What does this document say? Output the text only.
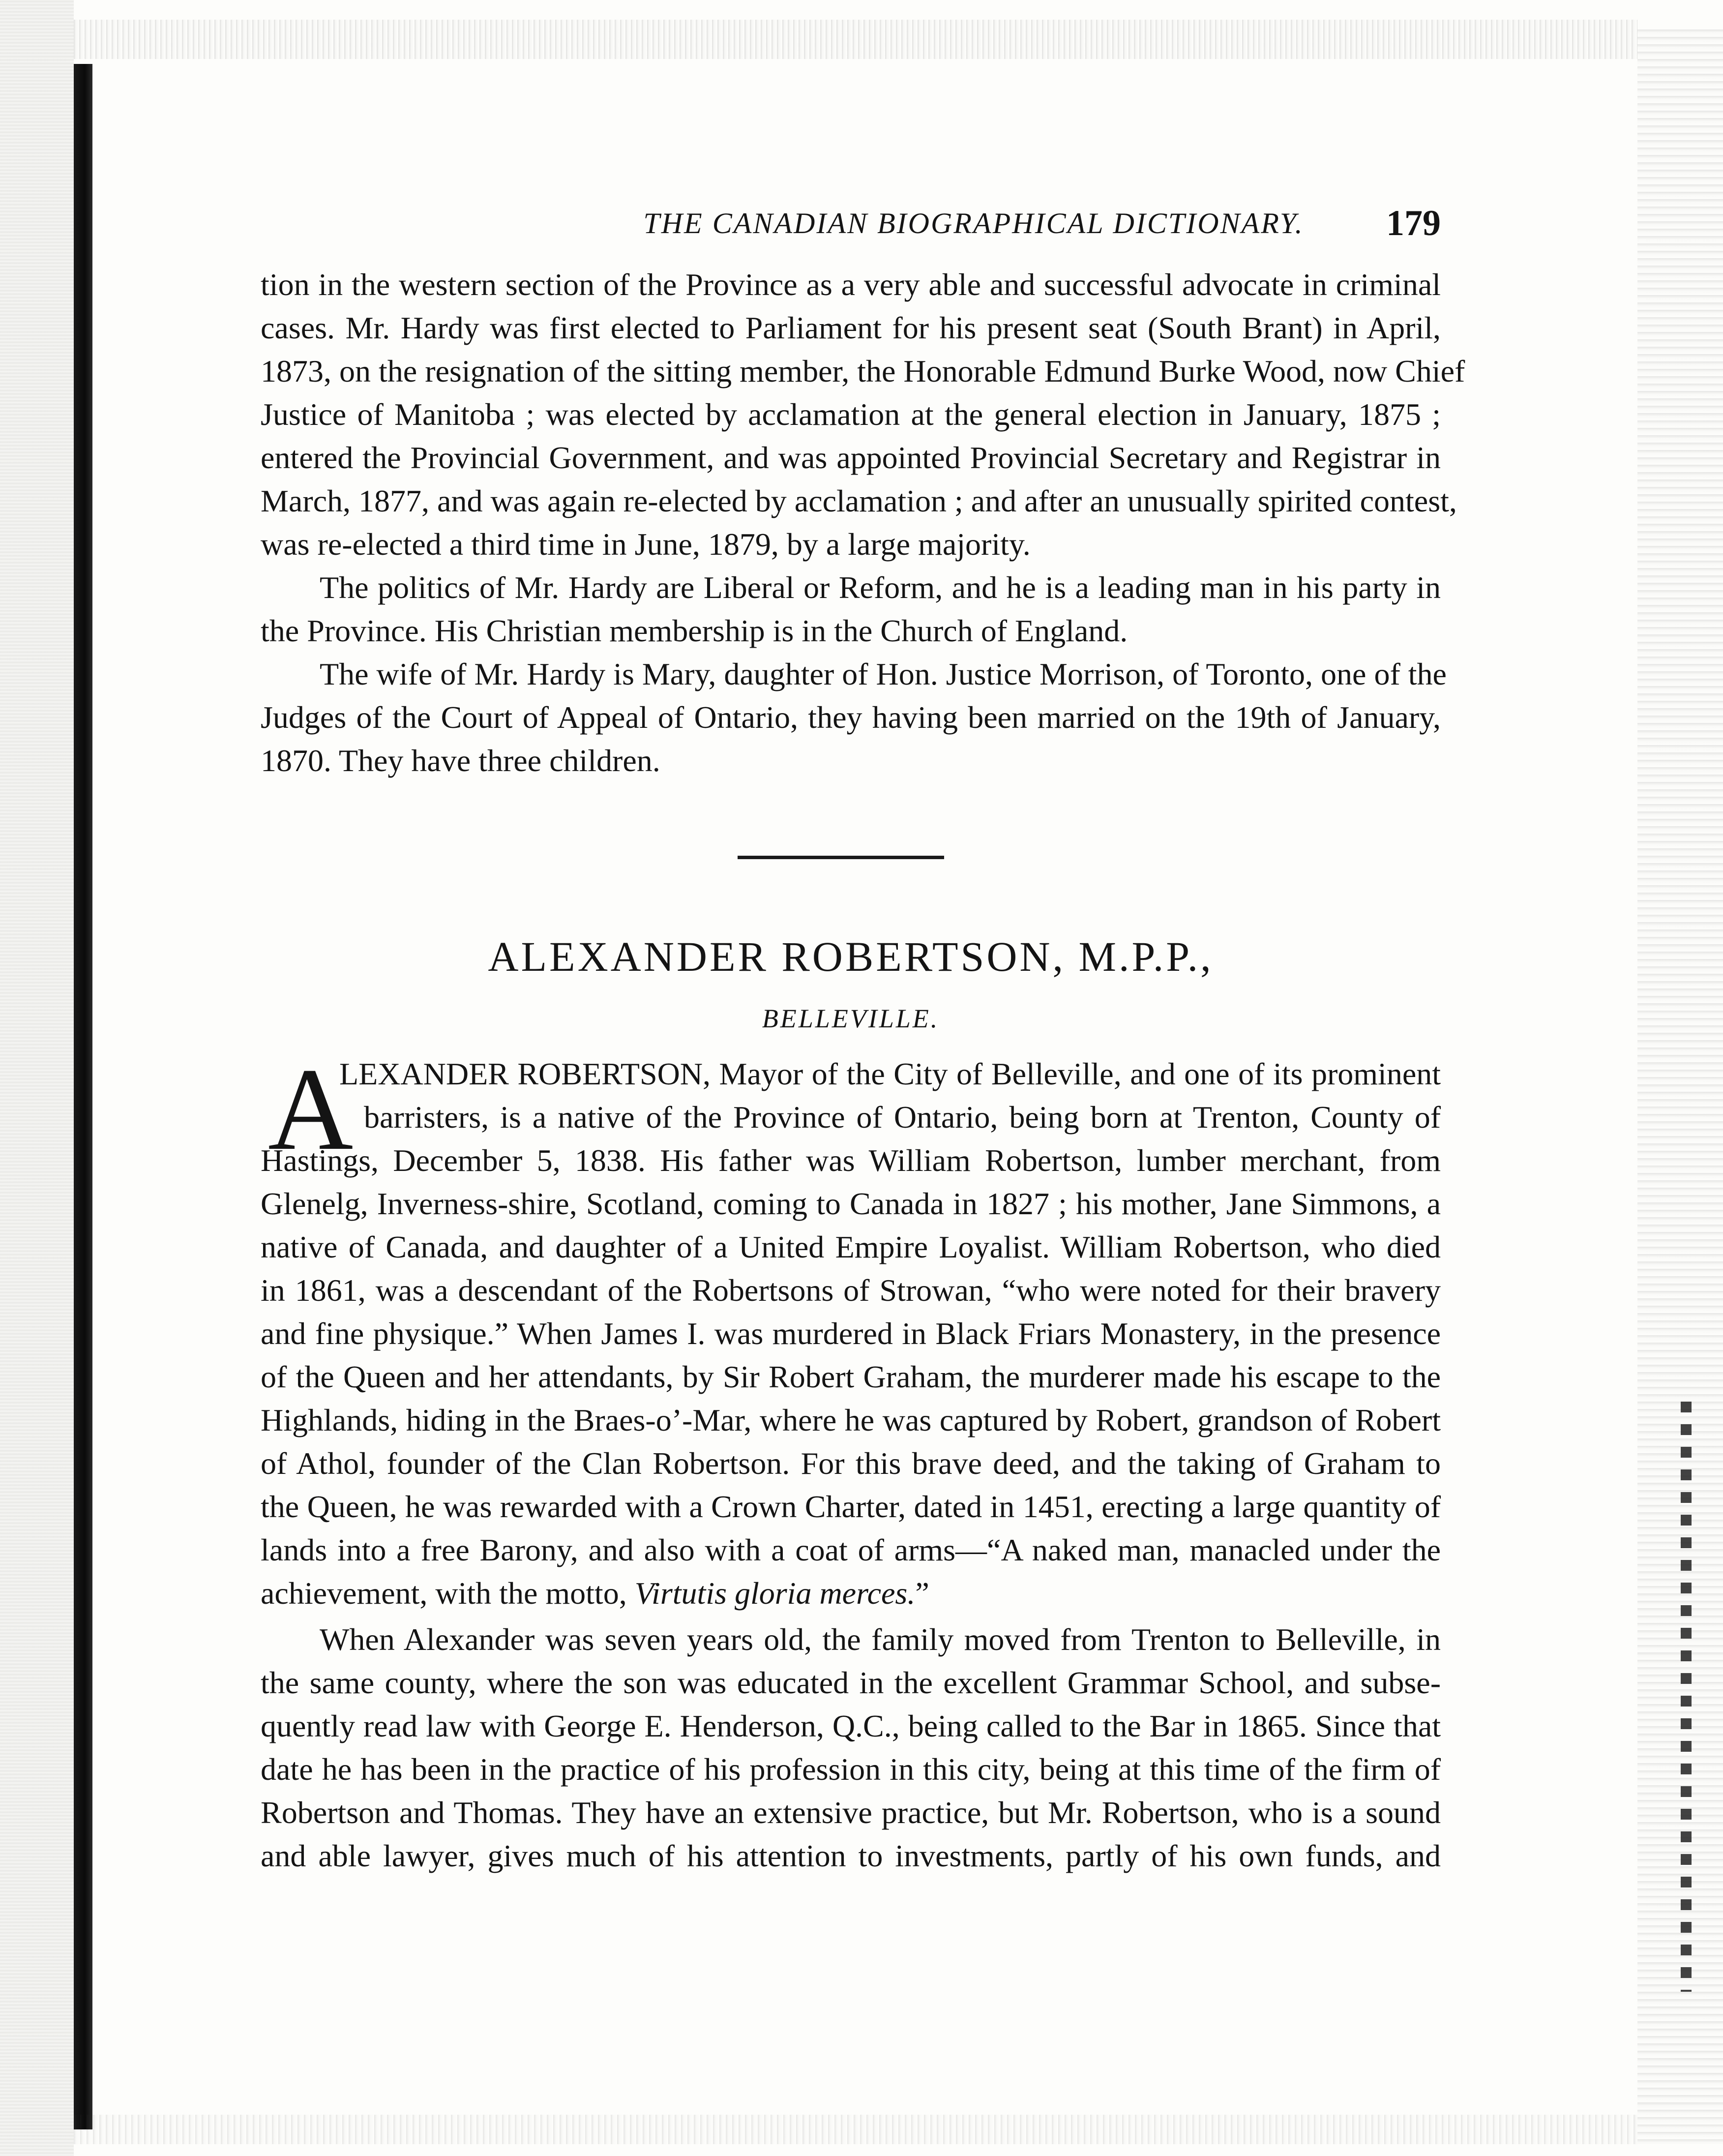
THE CANADIAN BIOGRAPHICAL DICTIONARY.	179
tion in the western section of the Province as a very able and successful advocate in criminal
cases. Mr. Hardy was first elected to Parliament for his present seat (South Brant) in April,
1873, on the resignation of the sitting member, the Honorable Edmund Burke Wood, now Chief
Justice of Manitoba ; was elected by acclamation at the general election in January, 1875 ;
entered the Provincial Government, and was appointed Provincial Secretary and Registrar in
March, 1877, and was again re-elected by acclamation ; and after an unusually spirited contest,
was re-elected a third time in June, 1879, by a large majority.
The politics of Mr. Hardy are Liberal or Reform, and he is a leading man in his party in
the Province. His Christian membership is in the Church of England.
The wife of Mr. Hardy is Mary, daughter of Hon. Justice Morrison, of Toronto, one of the
Judges of the Court of Appeal of Ontario, they having been married on the 19th of January,
1870. They have three children.
ALEXANDER ROBERTSON, M.P.P.,
BELLEVILLE.
A
LEXANDER ROBERTSON, Mayor of the City of Belleville, and one of its prominent
barristers, is a native of the Province of Ontario, being born at Trenton, County of
Hastings, December 5, 1838. His father was William Robertson, lumber merchant, from
Glenelg, Inverness-shire, Scotland, coming to Canada in 1827 ; his mother, Jane Simmons, a
native of Canada, and daughter of a United Empire Loyalist. William Robertson, who died
in 1861, was a descendant of the Robertsons of Strowan, “who were noted for their bravery
and fine physique.” When James I. was murdered in Black Friars Monastery, in the presence
of the Queen and her attendants, by Sir Robert Graham, the murderer made his escape to the
Highlands, hiding in the Braes-o’-Mar, where he was captured by Robert, grandson of Robert
of Athol, founder of the Clan Robertson. For this brave deed, and the taking of Graham to
the Queen, he was rewarded with a Crown Charter, dated in 1451, erecting a large quantity of
lands into a free Barony, and also with a coat of arms—“A naked man, manacled under the
achievement, with the motto, Virtutis gloria merces.”
When Alexander was seven years old, the family moved from Trenton to Belleville, in
the same county, where the son was educated in the excellent Grammar School, and subse-
quently read law with George E. Henderson, Q.C., being called to the Bar in 1865. Since that
date he has been in the practice of his profession in this city, being at this time of the firm of
Robertson and Thomas. They have an extensive practice, but Mr. Robertson, who is a sound
and able lawyer, gives much of his attention to investments, partly of his own funds, and
